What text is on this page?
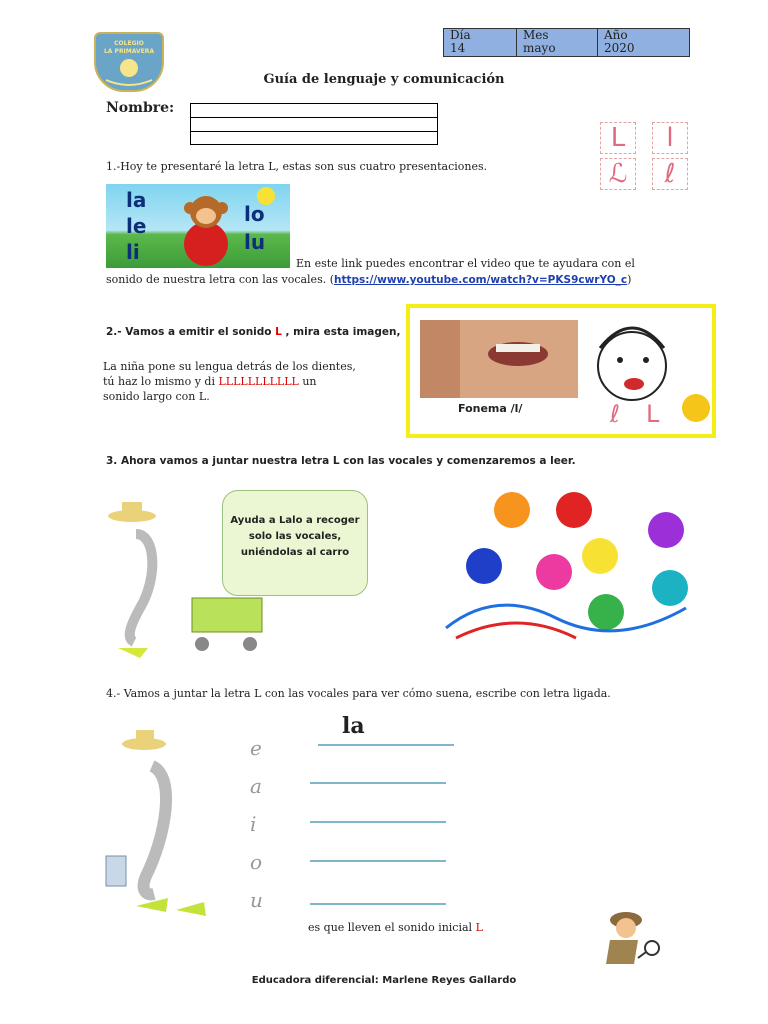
COLEGIO
LA PRIMAVERA
Día
14

Mes
mayo

Año
2020
Guía de lenguaje y comunicación
Nombre:
L	l
ℒ	ℓ
1.-Hoy te presentaré la letra L, estas son sus cuatro presentaciones.
la
le
li
lo
lu
En este link puedes encontrar el video que te ayudara con el
sonido de nuestra letra con las vocales. (https://www.youtube.com/watch?v=PKS9cwrYO_c)
2.- Vamos a emitir el sonido L , mira esta imagen,
La niña pone su lengua detrás de los dientes,
tú haz lo mismo y di LLLLLLLLLLL un
sonido largo con L.
Fonema /l/	ℓ L
3. Ahora vamos a juntar nuestra letra L con las vocales y comenzaremos a leer.
Ayuda a Lalo a recoger solo las vocales, uniéndolas al carro
4.- Vamos a juntar la letra L con las vocales para ver cómo suena, escribe con letra ligada.
la
e
a
i
o
u
es que lleven el sonido inicial L
Educadora diferencial: Marlene Reyes Gallardo
